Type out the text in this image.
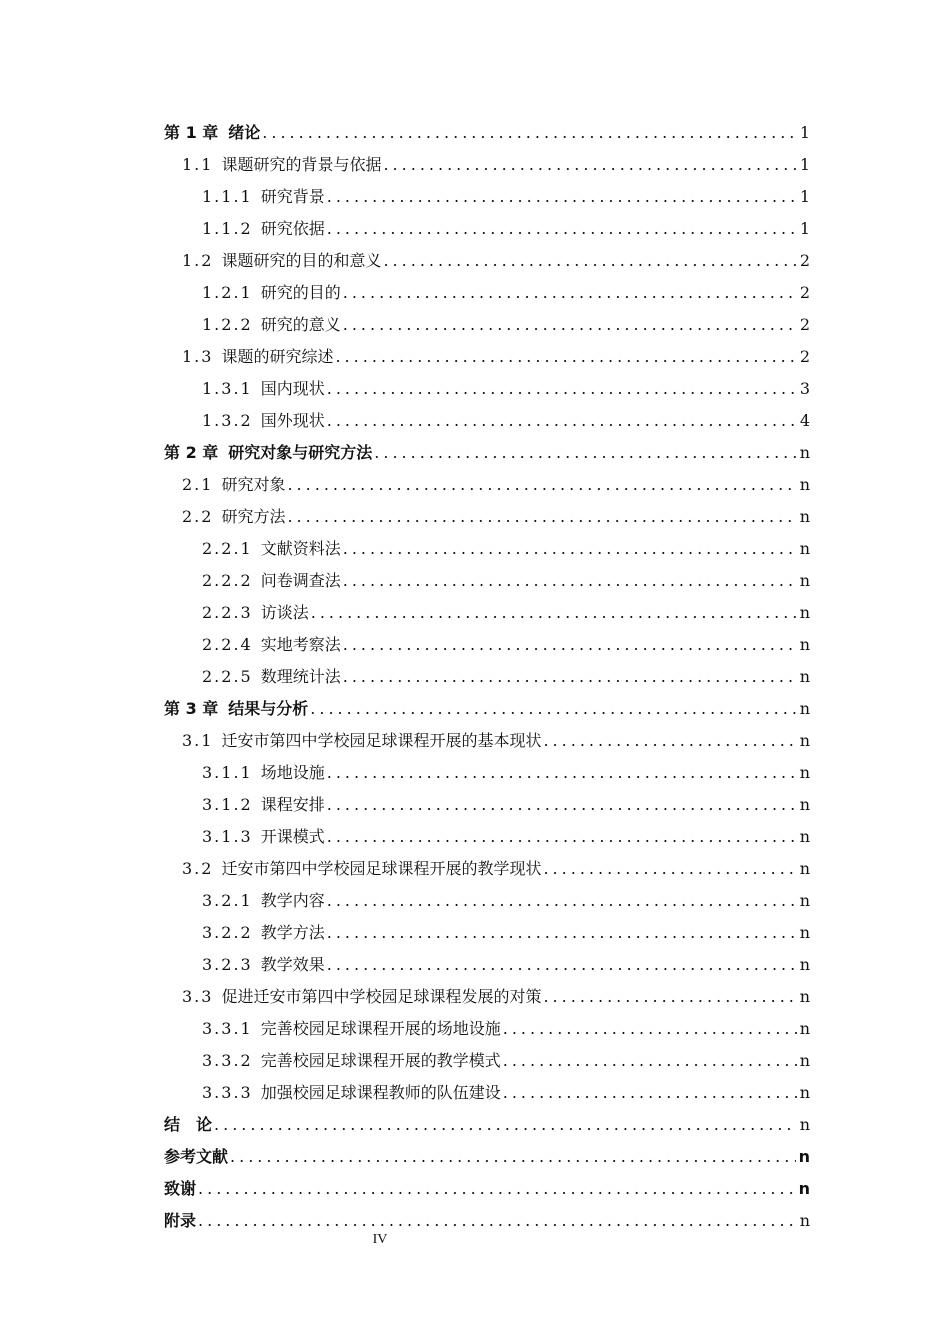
第 1 章 绪论 .....	1
1.1 课题研究的背景与依据 .....	1
1.1.1 研究背景 .....	1
1.1.2 研究依据 .....	1
1.2 课题研究的目的和意义 .....	2
1.2.1 研究的目的 .....	2
1.2.2 研究的意义 .....	2
1.3 课题的研究综述 .....	2
1.3.1 国内现状 .....	3
1.3.2 国外现状 .....	4
第 2 章 研究对象与研究方法 .....	n
2.1 研究对象 .....	n
2.2 研究方法 .....	n
2.2.1 文献资料法 .....	n
2.2.2 问卷调查法 .....	n
2.2.3 访谈法 .....	n
2.2.4 实地考察法 .....	n
2.2.5 数理统计法 .....	n
第 3 章 结果与分析 .....	n
3.1 迁安市第四中学校园足球课程开展的基本现状 .....	n
3.1.1 场地设施 .....	n
3.1.2 课程安排 .....	n
3.1.3 开课模式 .....	n
3.2 迁安市第四中学校园足球课程开展的教学现状 .....	n
3.2.1 教学内容 .....	n
3.2.2 教学方法 .....	n
3.2.3 教学效果 .....	n
3.3 促进迁安市第四中学校园足球课程发展的对策 .....	n
3.3.1 完善校园足球课程开展的场地设施 .....	n
3.3.2 完善校园足球课程开展的教学模式 .....	n
3.3.3 加强校园足球课程教师的队伍建设 .....	n
结　论 .....	n
参考文献 .....	n
致谢 .....	n
附录 .....	n
IV
